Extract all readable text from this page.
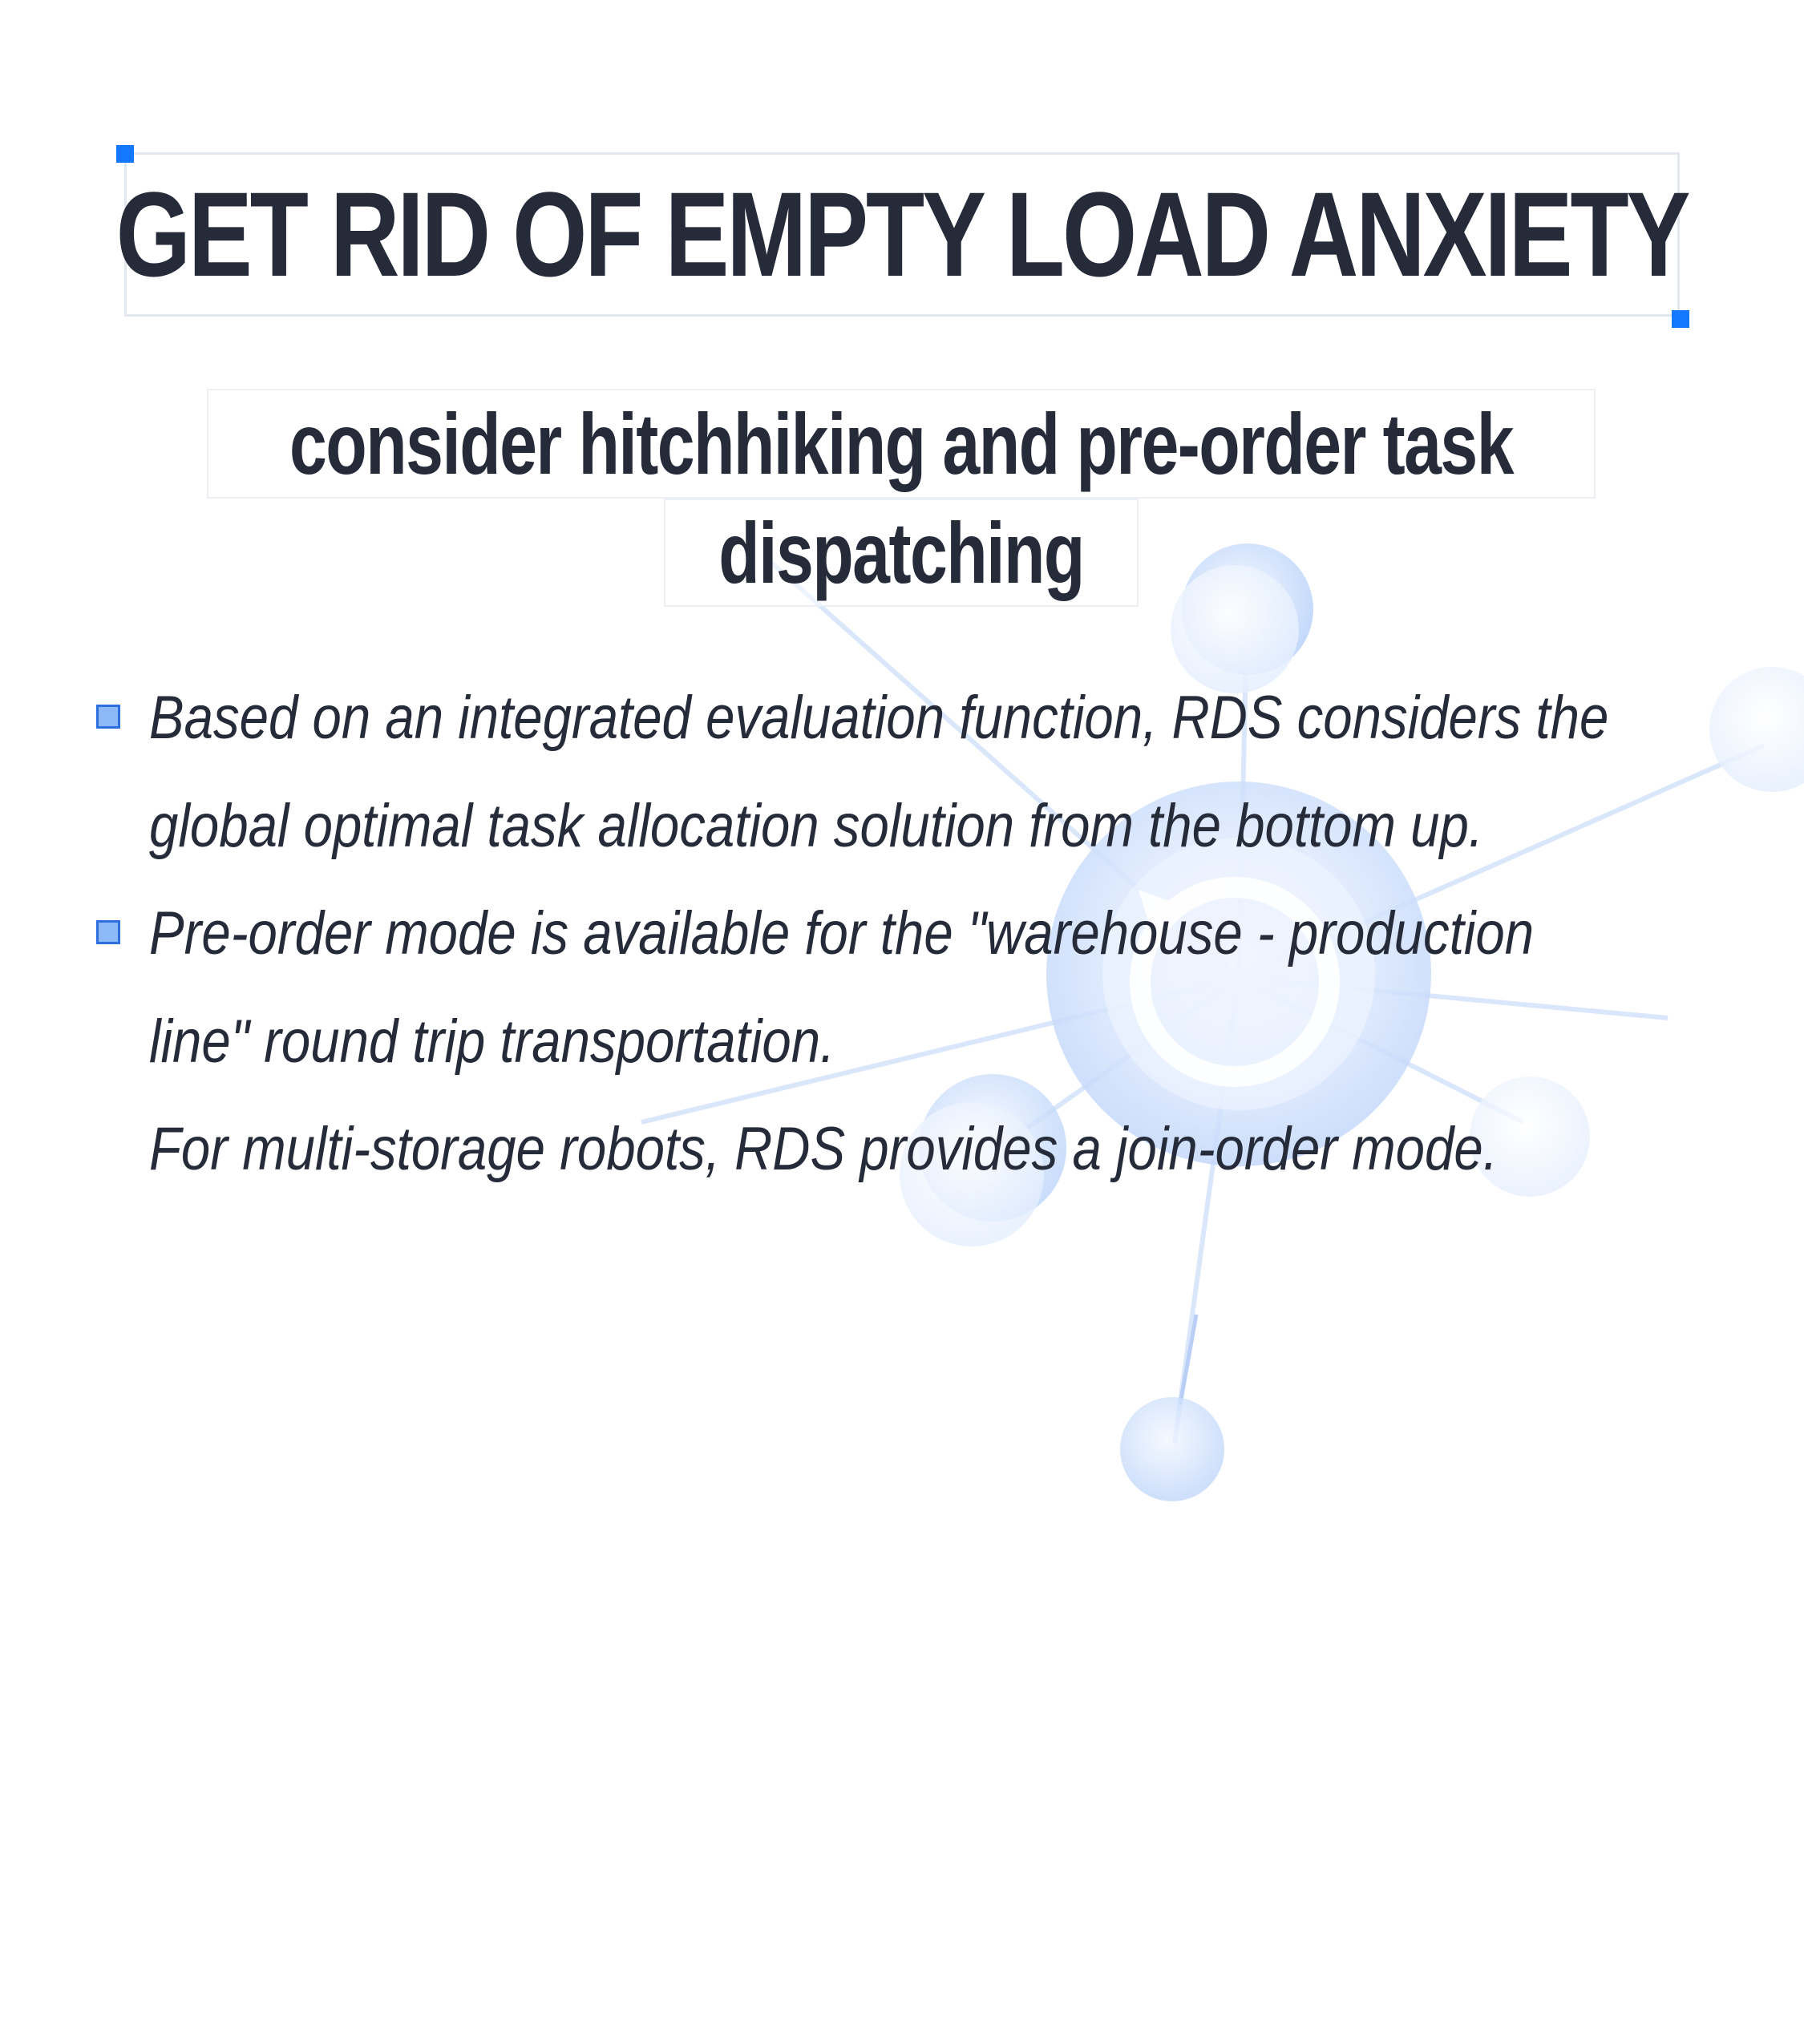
GET RID OF EMPTY LOAD ANXIETY
consider hitchhiking and pre-order task
dispatching

Based on an integrated evaluation function, RDS considers the

global optimal task allocation solution from the bottom up.

Pre-order mode is available for the "warehouse - production

line" round trip transportation.

For multi-storage robots, RDS provides a join-order mode.
